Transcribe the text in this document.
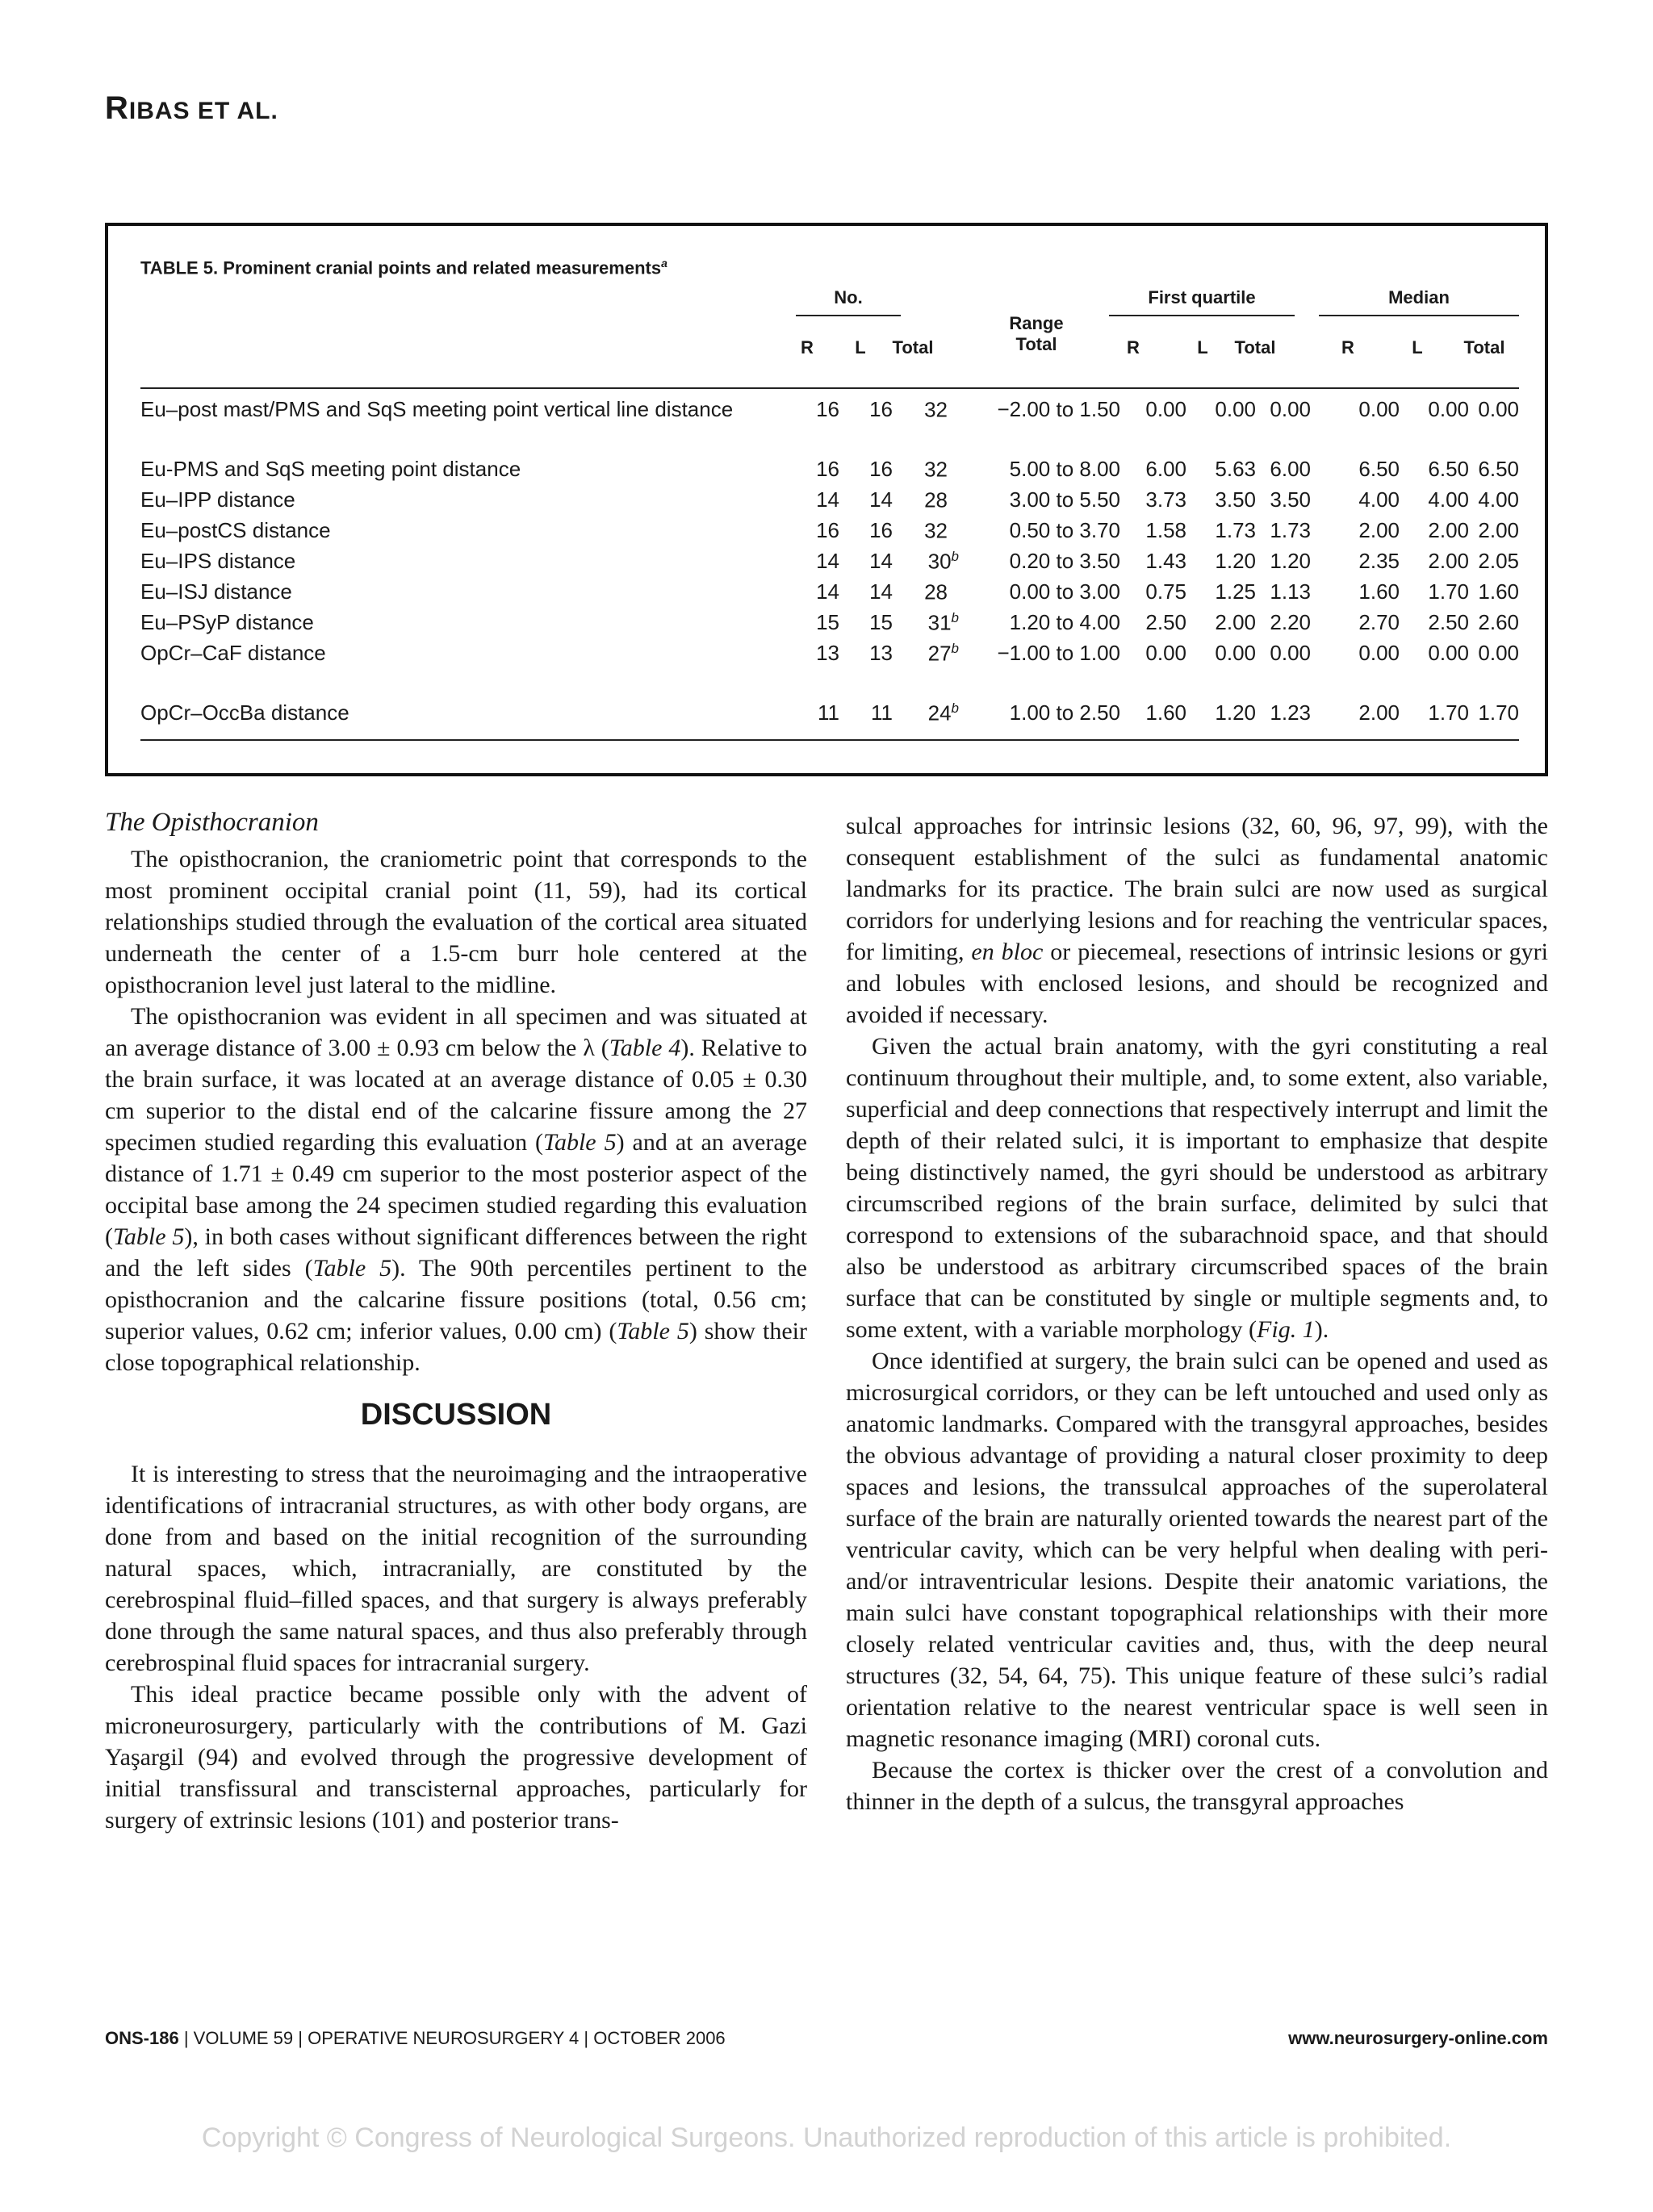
RIBAS ET AL.
TABLE 5. Prominent cranial points and related measurements$^a$
No.	First quartile	Median
Range
Total
R	L	Total	R	L	Total	R	L	Total
Eu–post mast/PMS and SqS meeting point vertical line distance	16 16 32 −2.00 to 1.50 0.00 0.00 0.00 0.00 0.00 0.00
Eu-PMS and SqS meeting point distance	16 16 32	5.00 to 8.00 6.00 5.63 6.00 6.50 6.50 6.50
Eu–IPP distance	14 14 28	3.00 to 5.50 3.73 3.50 3.50 4.00 4.00 4.00
Eu–postCS distance	16 16 32	0.50 to 3.70 1.58 1.73 1.73 2.00 2.00 2.00
Eu–IPS distance	14 14 30$^b$ 0.20 to 3.50 1.43 1.20 1.20 2.35 2.00 2.05
Eu–ISJ distance	14 14 28	0.00 to 3.00 0.75 1.25 1.13 1.60 1.70 1.60
Eu–PSyP distance	15 15 31$^b$ 1.20 to 4.00 2.50 2.00 2.20 2.70 2.50 2.60
OpCr–CaF distance	13 13 $27^b -1.00$ to 1.00 0.00 0.00 0.00 0.00 0.00 0.00
OpCr–OccBa distance	11 11 24$^b$ 1.00 to 2.50 1.60 1.20 1.23 2.00 1.70 1.70

The Opisthocranion

The opisthocranion, the craniometric point that corresponds to the most prominent occipital cranial point (11, 59), had its cortical relationships studied through the evaluation of the cortical area situated underneath the center of a 1.5-cm burr hole centered at the opisthocranion level just lateral to the midline.

The opisthocranion was evident in all specimen and was situated at an average distance of 3.00 ± 0.93 cm below the λ (Table 4). Relative to the brain surface, it was located at an average distance of 0.05 ± 0.30 cm superior to the distal end of the calcarine fissure among the 27 specimen studied regarding this evaluation (Table 5) and at an average distance of 1.71 ± 0.49 cm superior to the most posterior aspect of the occipital base among the 24 specimen studied regarding this evaluation (Table 5), in both cases without significant differences between the right and the left sides (Table 5). The 90th percentiles pertinent to the opisthocranion and the calcarine fissure positions (total, 0.56 cm; superior values, 0.62 cm; inferior values, 0.00 cm) (Table 5) show their close topographical relationship.

DISCUSSION

It is interesting to stress that the neuroimaging and the intraoperative identifications of intracranial structures, as with other body organs, are done from and based on the initial recognition of the surrounding natural spaces, which, intracranially, are constituted by the cerebrospinal fluid–filled spaces, and that surgery is always preferably done through the same natural spaces, and thus also preferably through cerebrospinal fluid spaces for intracranial surgery.

This ideal practice became possible only with the advent of microneurosurgery, particularly with the contributions of M. Gazi Yaşargil (94) and evolved through the progressive development of initial transfissural and transcisternal approaches, particularly for surgery of extrinsic lesions (101) and posterior trans-

sulcal approaches for intrinsic lesions (32, 60, 96, 97, 99), with the consequent establishment of the sulci as fundamental anatomic landmarks for its practice. The brain sulci are now used as surgical corridors for underlying lesions and for reaching the ventricular spaces, for limiting, en bloc or piecemeal, resections of intrinsic lesions or gyri and lobules with enclosed lesions, and should be recognized and avoided if necessary.

Given the actual brain anatomy, with the gyri constituting a real continuum throughout their multiple, and, to some extent, also variable, superficial and deep connections that respectively interrupt and limit the depth of their related sulci, it is important to emphasize that despite being distinctively named, the gyri should be understood as arbitrary circumscribed regions of the brain surface, delimited by sulci that correspond to extensions of the subarachnoid space, and that should also be understood as arbitrary circumscribed spaces of the brain surface that can be constituted by single or multiple segments and, to some extent, with a variable morphology (Fig. 1).

Once identified at surgery, the brain sulci can be opened and used as microsurgical corridors, or they can be left untouched and used only as anatomic landmarks. Compared with the transgyral approaches, besides the obvious advantage of providing a natural closer proximity to deep spaces and lesions, the transsulcal approaches of the superolateral surface of the brain are naturally oriented towards the nearest part of the ventricular cavity, which can be very helpful when dealing with peri- and/or intraventricular lesions. Despite their anatomic variations, the main sulci have constant topographical relationships with their more closely related ventricular cavities and, thus, with the deep neural structures (32, 54, 64, 75). This unique feature of these sulci’s radial orientation relative to the nearest ventricular space is well seen in magnetic resonance imaging (MRI) coronal cuts.

Because the cortex is thicker over the crest of a convolution and thinner in the depth of a sulcus, the transgyral approaches

ONS-186 | VOLUME 59 | OPERATIVE NEUROSURGERY 4 | OCTOBER 2006	www.neurosurgery-online.com
Copyright © Congress of Neurological Surgeons. Unauthorized reproduction of this article is prohibited.
